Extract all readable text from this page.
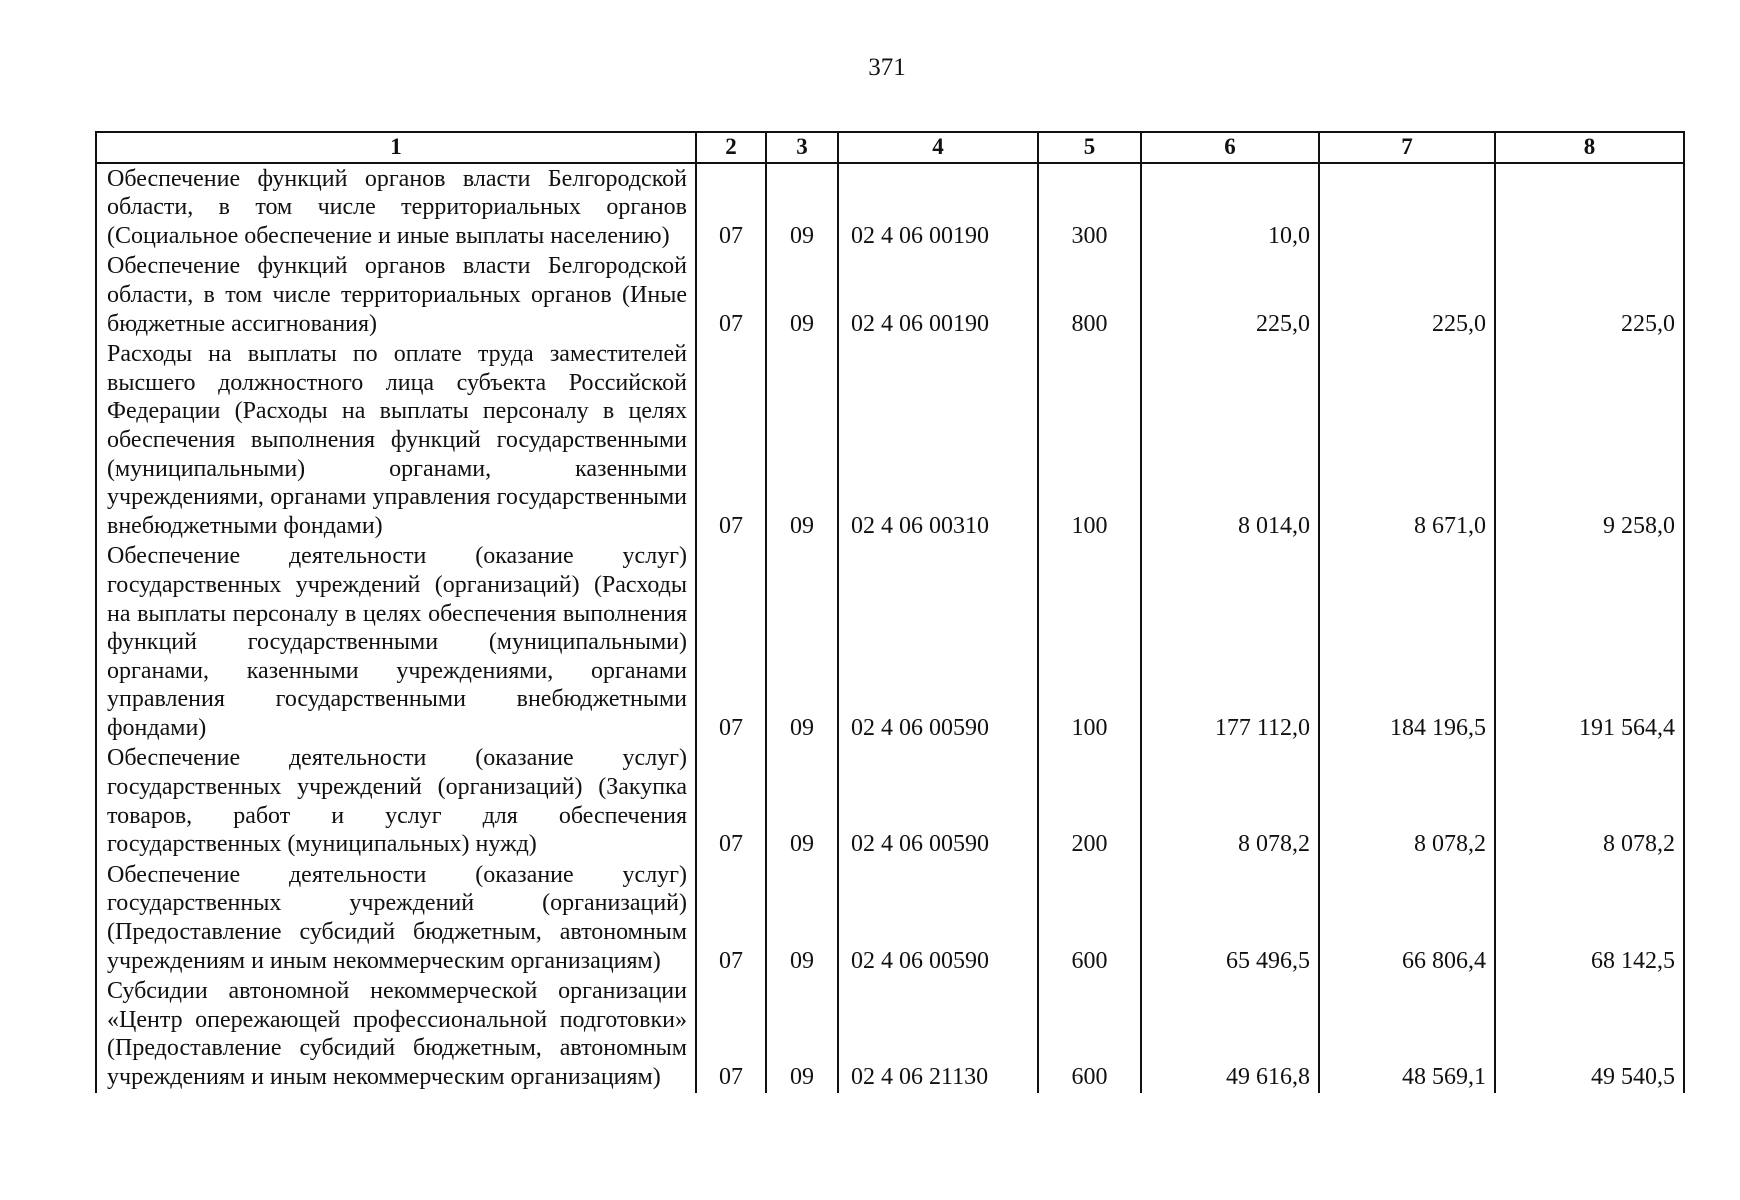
371
1	2	3	4	5	6	7	8
Обеспечение функций органов власти Белгородской области, в том числе территориальных органов (Социальное обеспечение и иные выплаты населению)	07	09	02 4 06 00190	300	10,0		
Обеспечение функций органов власти Белгородской области, в том числе территориальных органов (Иные бюджетные ассигнования)	07	09	02 4 06 00190	800	225,0	225,0	225,0
Расходы на выплаты по оплате труда заместителей высшего должностного лица субъекта Российской Федерации (Расходы на выплаты персоналу в целях обеспечения выполнения функций государственными (муниципальными) органами, казенными учреждениями, органами управления государственными внебюджетными фондами)	07	09	02 4 06 00310	100	8 014,0	8 671,0	9 258,0
Обеспечение деятельности (оказание услуг) государственных учреждений (организаций) (Расходы на выплаты персоналу в целях обеспечения выполнения функций государственными (муниципальными) органами, казенными учреждениями, органами управления государственными внебюджетными фондами)	07	09	02 4 06 00590	100	177 112,0	184 196,5	191 564,4
Обеспечение деятельности (оказание услуг) государственных учреждений (организаций) (Закупка товаров, работ и услуг для обеспечения государственных (муниципальных) нужд)	07	09	02 4 06 00590	200	8 078,2	8 078,2	8 078,2
Обеспечение деятельности (оказание услуг) государственных учреждений (организаций) (Предоставление субсидий бюджетным, автономным учреждениям и иным некоммерческим организациям)	07	09	02 4 06 00590	600	65 496,5	66 806,4	68 142,5
Субсидии автономной некоммерческой организации «Центр опережающей профессиональной подготовки» (Предоставление субсидий бюджетным, автономным учреждениям и иным некоммерческим организациям)	07	09	02 4 06 21130	600	49 616,8	48 569,1	49 540,5
